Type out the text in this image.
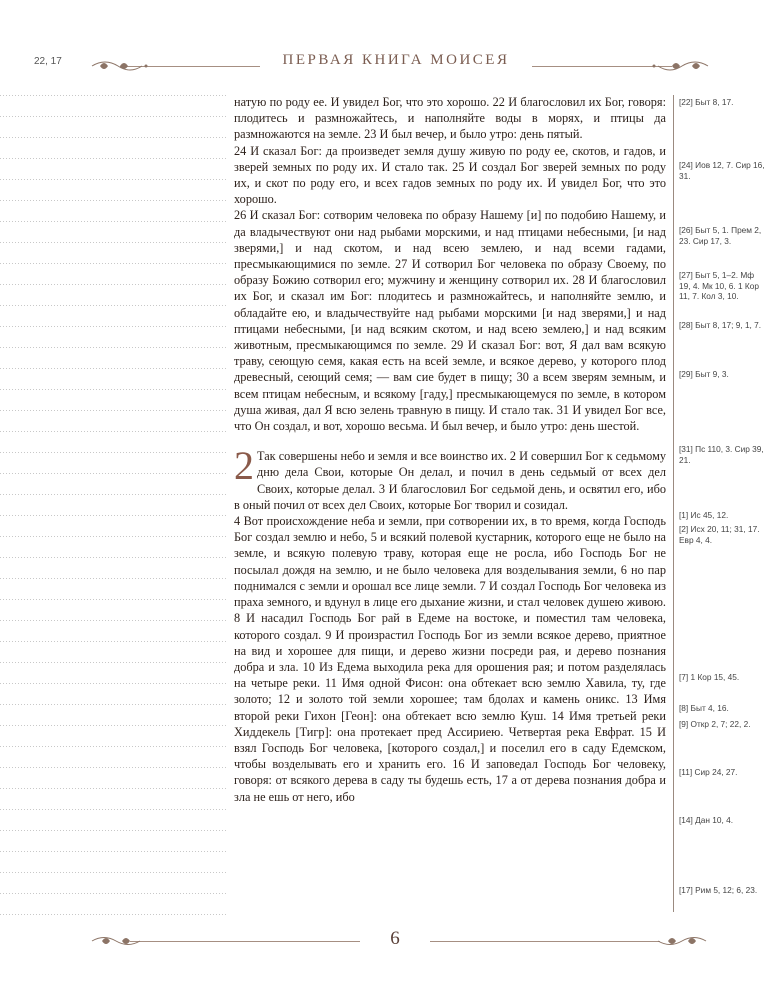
22, 17	ПЕРВАЯ КНИГА МОИСЕЯ

натую по роду ее. И увидел Бог, что это хорошо. 22 И благословил их Бог, говоря: плодитесь и размножайтесь, и наполняйте воды в морях, и птицы да размножаются на земле. 23 И был вечер, и было утро: день пятый.

24 И сказал Бог: да произведет земля душу живую по роду ее, скотов, и гадов, и зверей земных по роду их. И стало так. 25 И создал Бог зверей земных по роду их, и скот по роду его, и всех гадов земных по роду их. И увидел Бог, что это хорошо.

26 И сказал Бог: сотворим человека по образу Нашему [и] по подобию Нашему, и да владычествуют они над рыбами морскими, и над птицами небесными, [и над зверями,] и над скотом, и над всею землею, и над всеми гадами, пресмыкающимися по земле. 27 И сотворил Бог человека по образу Своему, по образу Божию сотворил его; мужчину и женщину сотворил их. 28 И благословил их Бог, и сказал им Бог: плодитесь и размножайтесь, и наполняйте землю, и обладайте ею, и владычествуйте над рыбами морскими [и над зверями,] и над птицами небесными, [и над всяким скотом, и над всею землею,] и над всяким животным, пресмыкающимся по земле. 29 И сказал Бог: вот, Я дал вам всякую траву, сеющую семя, какая есть на всей земле, и всякое дерево, у которого плод древесный, сеющий семя; — вам сие будет в пищу; 30 а всем зверям земным, и всем птицам небесным, и всякому [гаду,] пресмыкающемуся по земле, в котором душа живая, дал Я всю зелень травную в пищу. И стало так. 31 И увидел Бог все, что Он создал, и вот, хорошо весьма. И был вечер, и было утро: день шестой.

2 Так совершены небо и земля и все воинство их. 2 И совершил Бог к седьмому дню дела Свои, которые Он делал, и почил в день седьмый от всех дел Своих, которые делал. 3 И благословил Бог седьмой день, и освятил его, ибо в оный почил от всех дел Своих, которые Бог творил и созидал.

4 Вот происхождение неба и земли, при сотворении их, в то время, когда Господь Бог создал землю и небо, 5 и всякий полевой кустарник, которого еще не было на земле, и всякую полевую траву, которая еще не росла, ибо Господь Бог не посылал дождя на землю, и не было человека для возделывания земли, 6 но пар поднимался с земли и орошал все лице земли. 7 И создал Господь Бог человека из праха земного, и вдунул в лице его дыхание жизни, и стал человек душею живою. 8 И насадил Господь Бог рай в Едеме на востоке, и поместил там человека, которого создал. 9 И произрастил Господь Бог из земли всякое дерево, приятное на вид и хорошее для пищи, и дерево жизни посреди рая, и дерево познания добра и зла. 10 Из Едема выходила река для орошения рая; и потом разделялась на четыре реки. 11 Имя одной Фисон: она обтекает всю землю Хавила, ту, где золото; 12 и золото той земли хорошее; там бдолах и камень оникс. 13 Имя второй реки Гихон [Геон]: она обтекает всю землю Куш. 14 Имя третьей реки Хиддекель [Тигр]: она протекает пред Ассириею. Четвертая река Евфрат. 15 И взял Господь Бог человека, [которого создал,] и поселил его в саду Едемском, чтобы возделывать его и хранить его. 16 И заповедал Господь Бог человеку, говоря: от всякого дерева в саду ты будешь есть, 17 а от дерева познания добра и зла не ешь от него, ибо

[22] Быт 8, 17.
[24] Иов 12, 7. Сир 16, 31.
[26] Быт 5, 1. Прем 2, 23. Сир 17, 3.
[27] Быт 5, 1–2. Мф 19, 4. Мк 10, 6. 1 Кор 11, 7. Кол 3, 10.
[28] Быт 8, 17; 9, 1, 7.
[29] Быт 9, 3.
[31] Пс 110, 3. Сир 39, 21.
[1] Ис 45, 12.
[2] Исх 20, 11; 31, 17. Евр 4, 4.
[7] 1 Кор 15, 45.
[8] Быт 4, 16.
[9] Откр 2, 7; 22, 2.
[11] Сир 24, 27.
[14] Дан 10, 4.
[17] Рим 5, 12; 6, 23.
6
